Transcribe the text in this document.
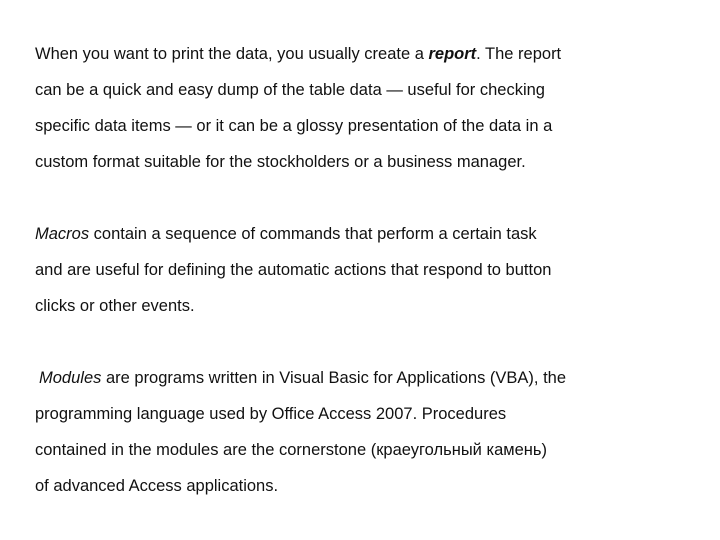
When you want to print the data, you usually create a report. The report
can be a quick and easy dump of the table data — useful for checking
specific data items — or it can be a glossy presentation of the data in a
custom format suitable for the stockholders or a business manager.

Macros contain a sequence of commands that perform a certain task
and are useful for defining the automatic actions that respond to button
clicks or other events.

Modules are programs written in Visual Basic for Applications (VBA), the
programming language used by Office Access 2007. Procedures
contained in the modules are the cornerstone (краеугольный камень)
of advanced Access applications.
